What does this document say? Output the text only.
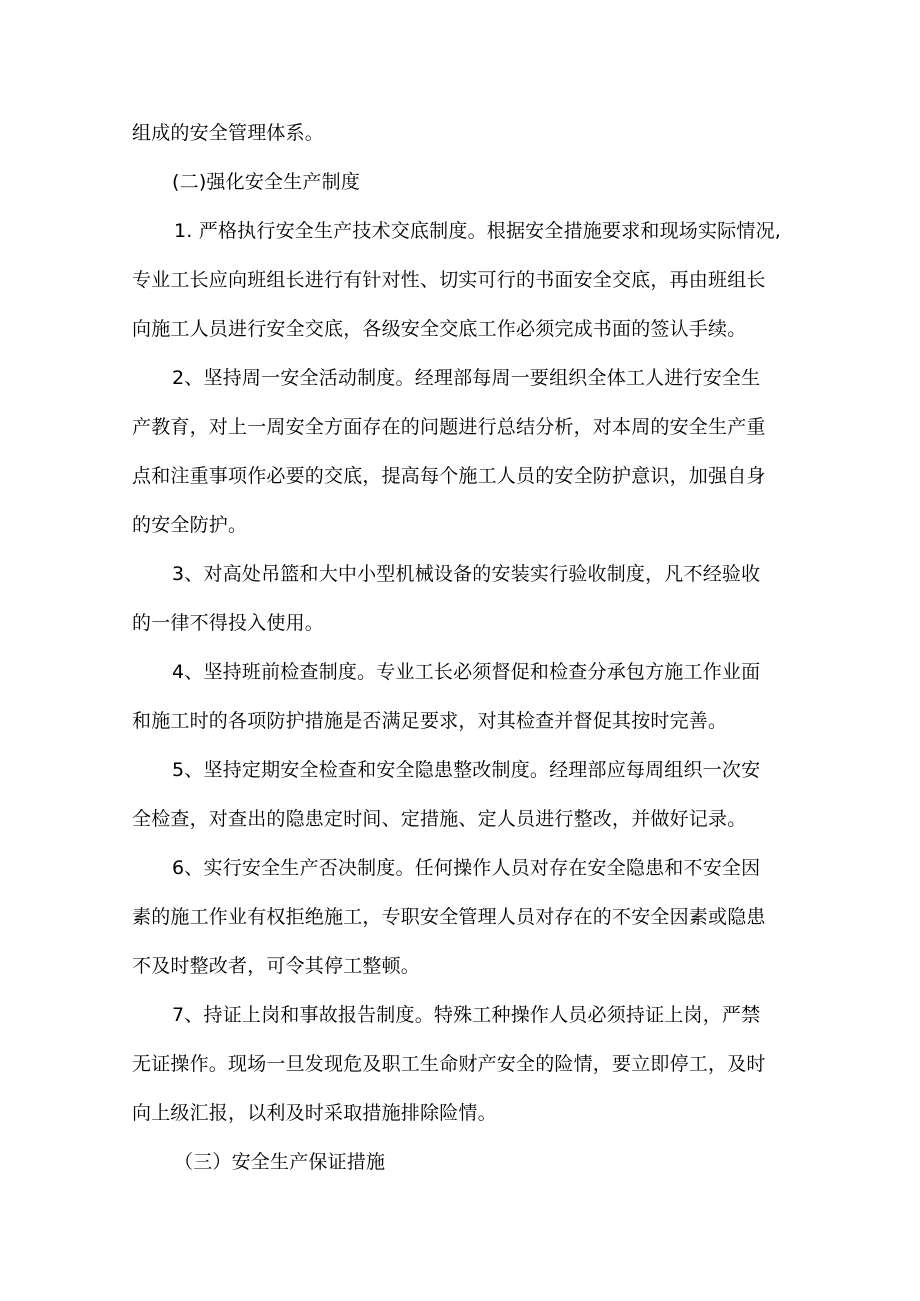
组成的安全管理体系。
(二)强化安全生产制度
1. 严格执行安全生产技术交底制度。根据安全措施要求和现场实际情况,
专业工长应向班组长进行有针对性、切实可行的书面安全交底，再由班组长
向施工人员进行安全交底，各级安全交底工作必须完成书面的签认手续。
2、坚持周一安全活动制度。经理部每周一要组织全体工人进行安全生
产教育，对上一周安全方面存在的问题进行总结分析，对本周的安全生产重
点和注重事项作必要的交底，提高每个施工人员的安全防护意识，加强自身
的安全防护。
3、对高处吊篮和大中小型机械设备的安装实行验收制度，凡不经验收
的一律不得投入使用。
4、坚持班前检查制度。专业工长必须督促和检查分承包方施工作业面
和施工时的各项防护措施是否满足要求，对其检查并督促其按时完善。
5、坚持定期安全检查和安全隐患整改制度。经理部应每周组织一次安
全检查，对查出的隐患定时间、定措施、定人员进行整改，并做好记录。
6、实行安全生产否决制度。任何操作人员对存在安全隐患和不安全因
素的施工作业有权拒绝施工，专职安全管理人员对存在的不安全因素或隐患
不及时整改者，可令其停工整顿。
7、持证上岗和事故报告制度。特殊工种操作人员必须持证上岗，严禁
无证操作。现场一旦发现危及职工生命财产安全的险情，要立即停工，及时
向上级汇报，以利及时采取措施排除险情。
（三）安全生产保证措施
